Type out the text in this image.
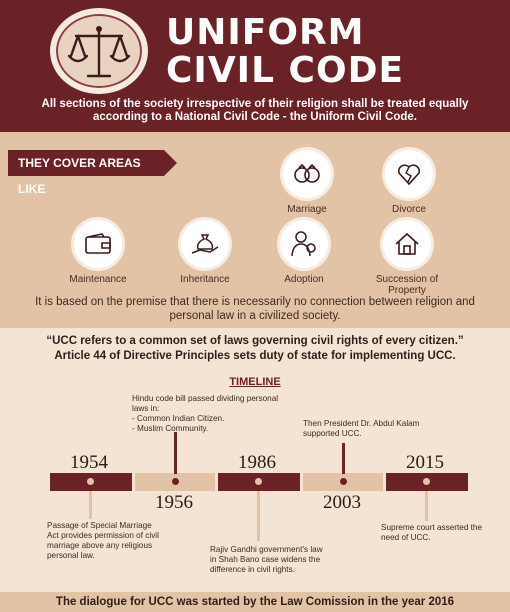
UNIFORM
CIVIL CODE
All sections of the society irrespective of their religion shall be treated equally according to a National Civil Code - the Uniform Civil Code.
THEY COVER AREAS LIKE
Marriage	Divorce
Maintenance	Inheritance	Adoption	Succession of Property
It is based on the premise that there is necessarily no connection between religion and personal law in a civilized society.
“UCC refers to a common set of laws governing civil rights of every citizen.”
Article 44 of Directive Principles sets duty of state for implementing UCC.
TIMELINE
1954
1956
1986
2003
2015
Passage of Special Marriage Act provides permission of civil marriage above any religious personal law.
Hindu code bill passed dividing personal laws in:
- Common Indian Citizen.
- Muslim Community.
Rajiv Gandhi government's law in Shah Bano case widens the difference in civil rights.
Then President Dr. Abdul Kalam supported UCC.
Supreme court asserted the need of UCC.
The dialogue for UCC was started by the Law Comission in the year 2016
